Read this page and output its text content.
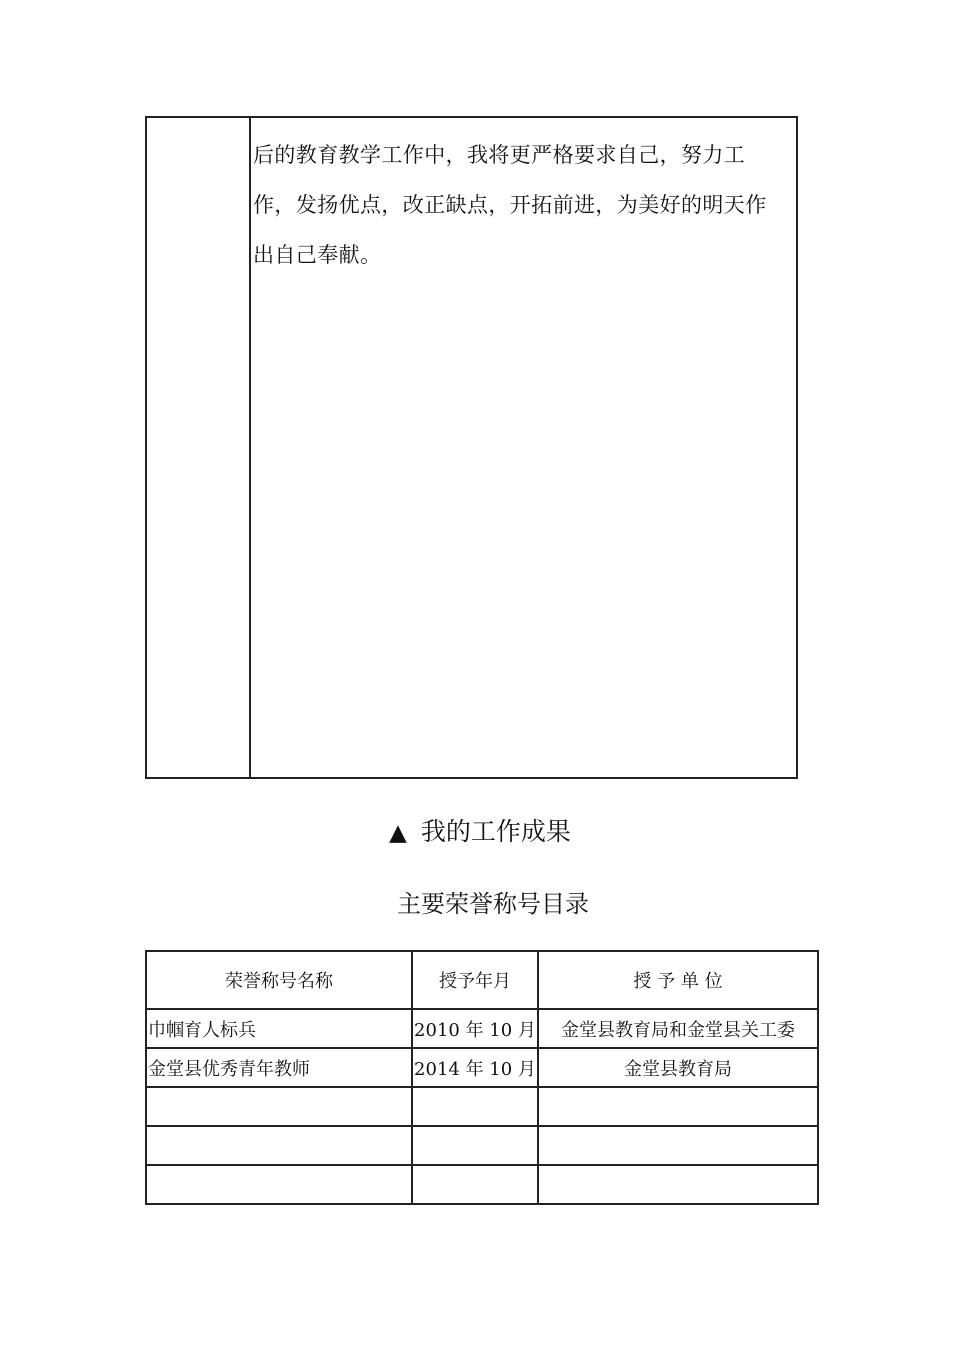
后的教育教学工作中，我将更严格要求自己，努力工
作，发扬优点，改正缺点，开拓前进，为美好的明天作
出自己奉献。

▲ 我的工作成果
主要荣誉称号目录
荣誉称号名称	授予年月	授 予 单 位
巾帼育人标兵	2010 年 10 月	金堂县教育局和金堂县关工委
金堂县优秀青年教师	2014 年 10 月	金堂县教育局
